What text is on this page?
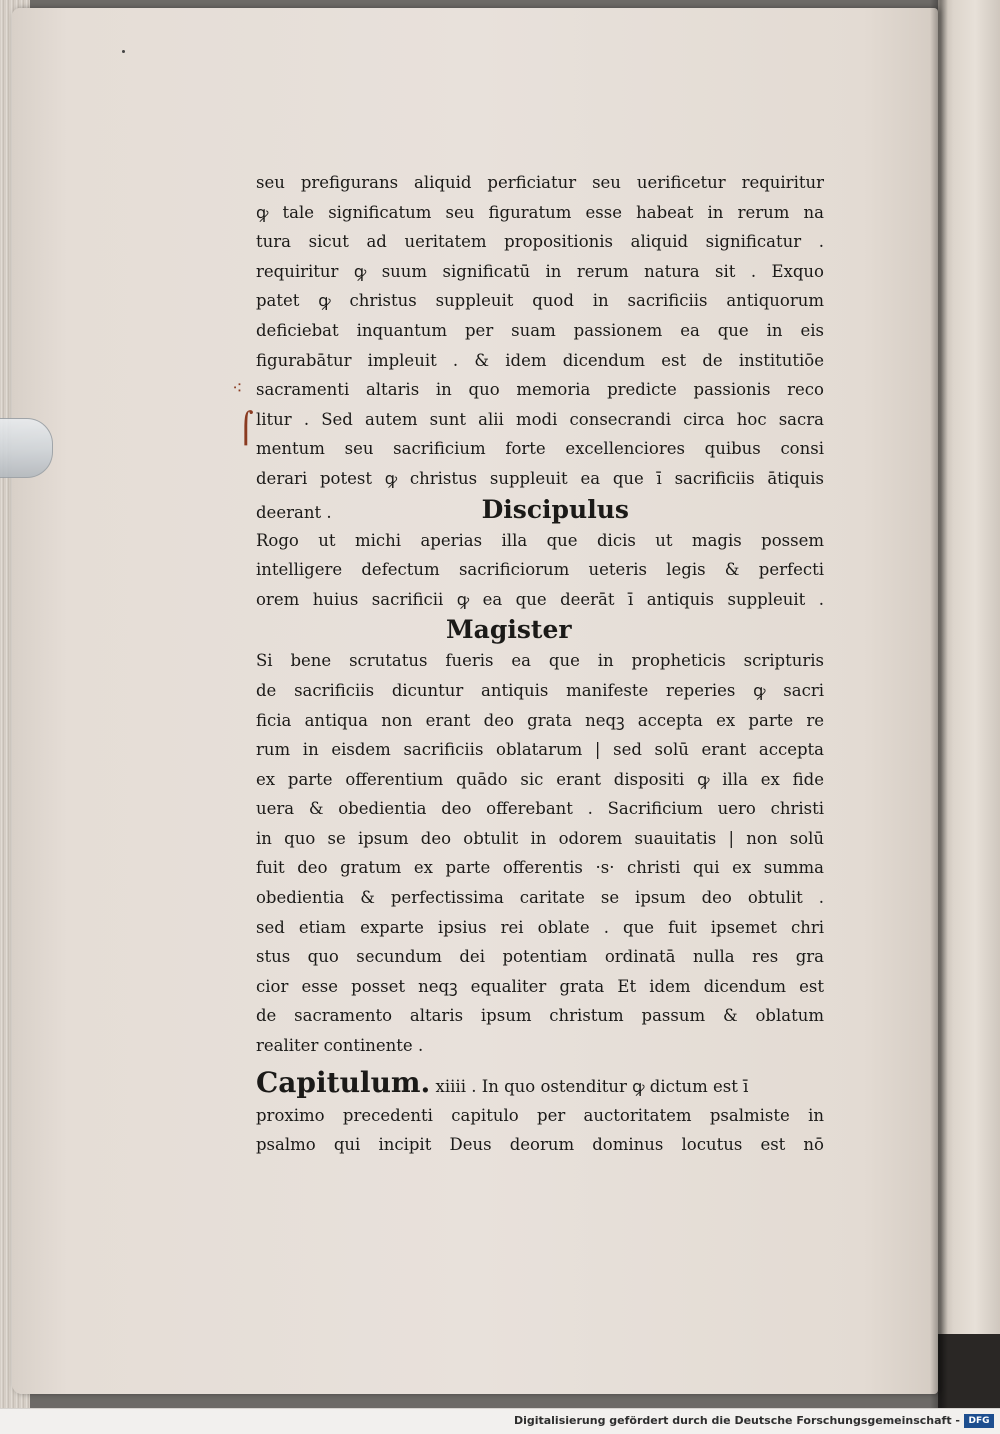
⁖
⌠
seu prefigurans aliquid perficiatur seu uerificetur requiritur
ꝙ tale significatum seu figuratum esse habeat in rerum na
tura sicut ad ueritatem propositionis aliquid significatur .
requiritur ꝙ suum significatū in rerum natura sit . Exquo
patet ꝙ christus suppleuit quod in sacrificiis antiquorum
deficiebat inquantum per suam passionem ea que in eis
figurabātur impleuit . & idem dicendum est de institutiōe
sacramenti altaris in quo memoria predicte passionis reco
litur . Sed autem sunt alii modi consecrandi circa hoc sacra
mentum seu sacrificium forte excellenciores quibus consi
derari potest ꝙ christus suppleuit ea que ī sacrificiis ātiquis
deerant .	Discipulus
Rogo ut michi aperias illa que dicis ut magis possem
intelligere defectum sacrificiorum ueteris legis & perfecti
orem huius sacrificii ꝙ ea que deerāt ī antiquis suppleuit .
Magister
Si bene scrutatus fueris ea que in propheticis scripturis
de sacrificiis dicuntur antiquis manifeste reperies ꝙ sacri
ficia antiqua non erant deo grata neqꝫ accepta ex parte re
rum in eisdem sacrificiis oblatarum | sed solū erant accepta
ex parte offerentium quādo sic erant dispositi ꝙ illa ex fide
uera & obedientia deo offerebant . Sacrificium uero christi
in quo se ipsum deo obtulit in odorem suauitatis | non solū
fuit deo gratum ex parte offerentis ·s· christi qui ex summa
obedientia & perfectissima caritate se ipsum deo obtulit .
sed etiam exparte ipsius rei oblate . que fuit ipsemet chri
stus quo secundum dei potentiam ordinatā nulla res gra
cior esse posset neqꝫ equaliter grata Et idem dicendum est
de sacramento altaris ipsum christum passum & oblatum
realiter continente .
Capitulum. xiiii . In quo ostenditur ꝙ dictum est ī
proximo precedenti capitulo per auctoritatem psalmiste in
psalmo qui incipit Deus deorum dominus locutus est nō
Digitalisierung gefördert durch die Deutsche Forschungsgemeinschaft - DFG
